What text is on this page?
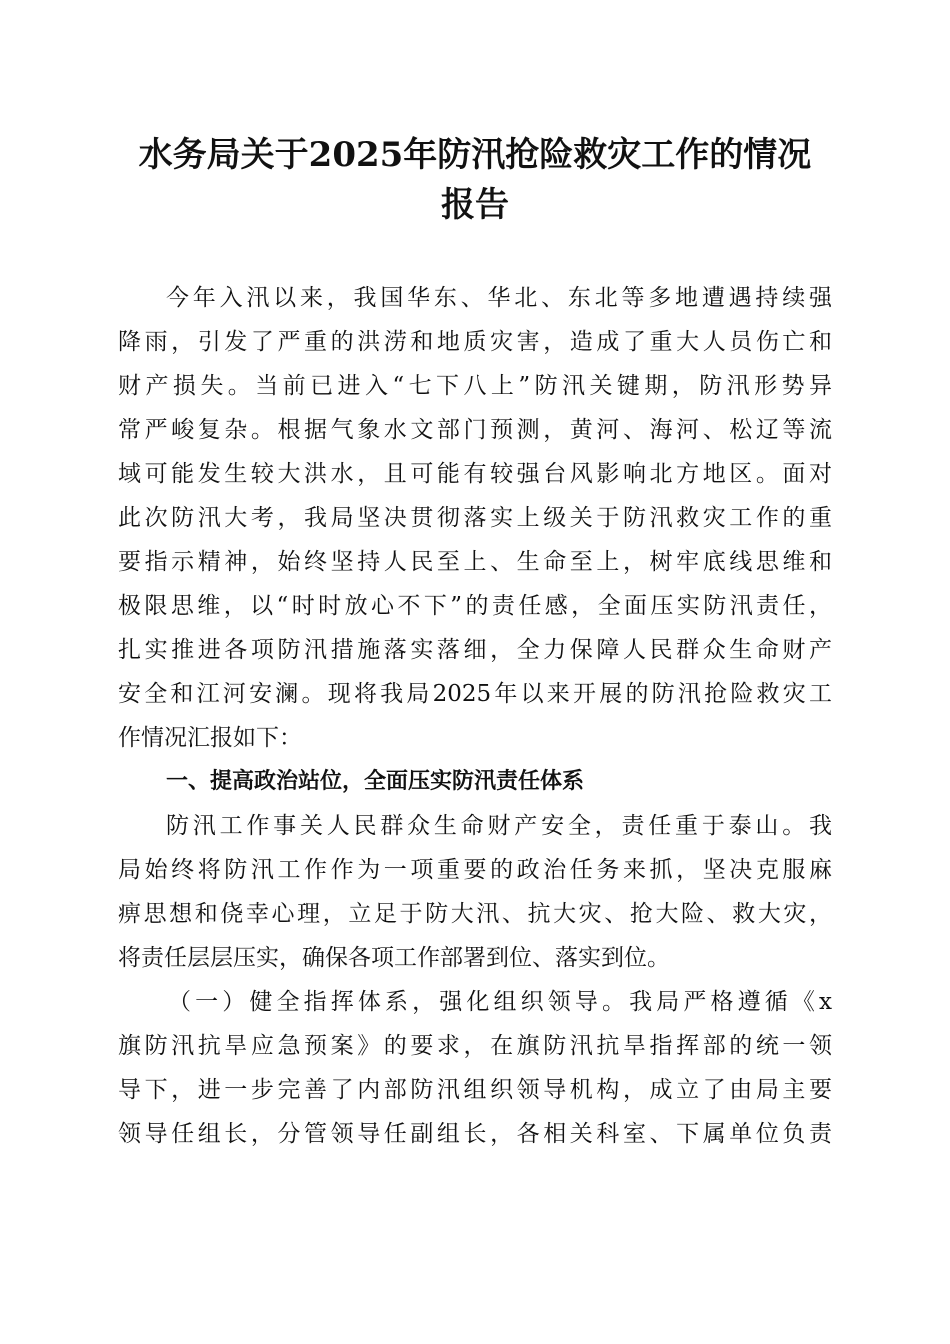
水务局关于2025年防汛抢险救灾工作的情况
报告
今年入汛以来，我国华东、华北、东北等多地遭遇持续强
降雨，引发了严重的洪涝和地质灾害，造成了重大人员伤亡和
财产损失。当前已进入“七下八上”防汛关键期，防汛形势异
常严峻复杂。根据气象水文部门预测，黄河、海河、松辽等流
域可能发生较大洪水，且可能有较强台风影响北方地区。面对
此次防汛大考，我局坚决贯彻落实上级关于防汛救灾工作的重
要指示精神，始终坚持人民至上、生命至上，树牢底线思维和
极限思维，以“时时放心不下”的责任感，全面压实防汛责任，
扎实推进各项防汛措施落实落细，全力保障人民群众生命财产
安全和江河安澜。现将我局2025年以来开展的防汛抢险救灾工
作情况汇报如下：
一、提高政治站位，全面压实防汛责任体系
防汛工作事关人民群众生命财产安全，责任重于泰山。我
局始终将防汛工作作为一项重要的政治任务来抓，坚决克服麻
痹思想和侥幸心理，立足于防大汛、抗大灾、抢大险、救大灾，
将责任层层压实，确保各项工作部署到位、落实到位。
（一）健全指挥体系，强化组织领导。我局严格遵循《x
旗防汛抗旱应急预案》的要求，在旗防汛抗旱指挥部的统一领
导下，进一步完善了内部防汛组织领导机构，成立了由局主要
领导任组长，分管领导任副组长，各相关科室、下属单位负责
